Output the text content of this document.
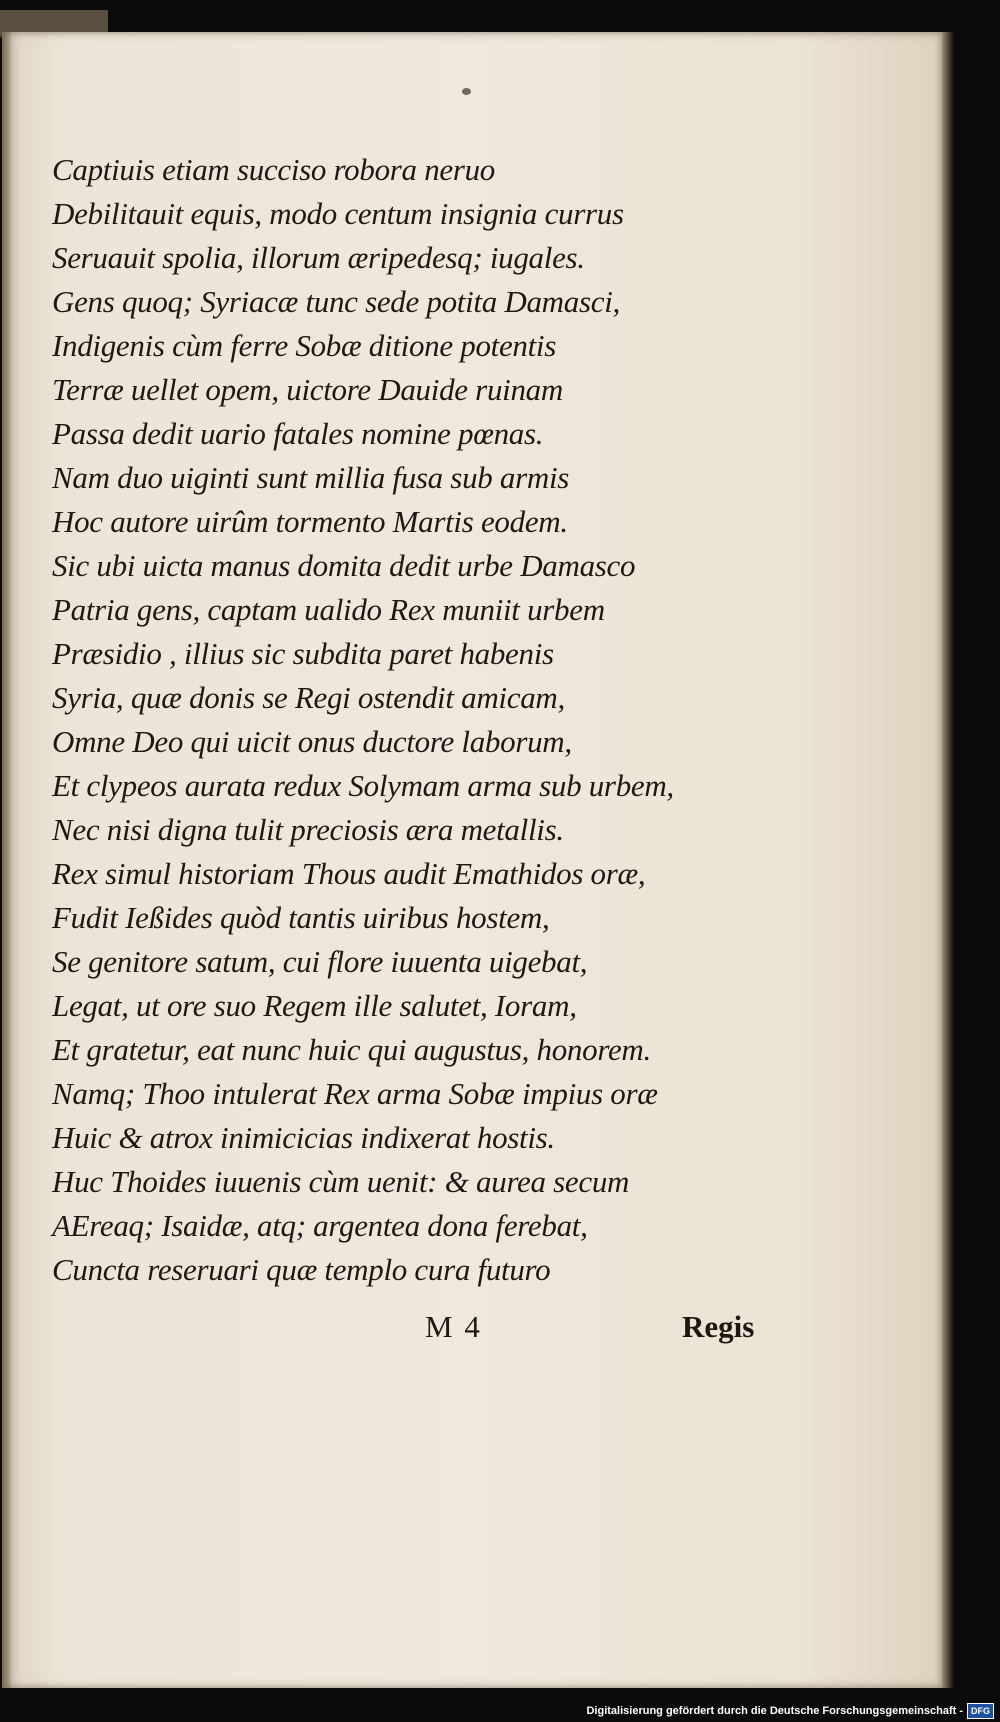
Captiuis etiam succiso robora neruo
Debilitauit equis, modo centum insignia currus
Seruauit spolia, illorum æripedesq; iugales.
Gens quoq; Syriacæ tunc sede potita Damasci,
Indigenis cùm ferre Sobæ ditione potentis
Terræ uellet opem, uictore Dauide ruinam
Passa dedit uario fatales nomine pœnas.
Nam duo uiginti sunt millia fusa sub armis
Hoc autore uirûm tormento Martis eodem.
Sic ubi uicta manus domita dedit urbe Damasco
Patria gens, captam ualido Rex muniit urbem
Præsidio , illius sic subdita paret habenis
Syria, quæ donis se Regi ostendit amicam,
Omne Deo qui uicit onus ductore laborum,
Et clypeos aurata redux Solymam arma sub urbem,
Nec nisi digna tulit preciosis æra metallis.
Rex simul historiam Thous audit Emathidos oræ,
Fudit Ießides quòd tantis uiribus hostem,
Se genitore satum, cui flore iuuenta uigebat,
Legat, ut ore suo Regem ille salutet, Ioram,
Et gratetur, eat nunc huic qui augustus, honorem.
Namq; Thoo intulerat Rex arma Sobæ impius oræ
Huic & atrox inimicicias indixerat hostis.
Huc Thoides iuuenis cùm uenit: & aurea secum
AEreaq; Isaidæ, atq; argentea dona ferebat,
Cuncta reseruari quæ templo cura futuro
M 4	Regis
Digitalisierung gefördert durch die Deutsche Forschungsgemeinschaft - DFG
